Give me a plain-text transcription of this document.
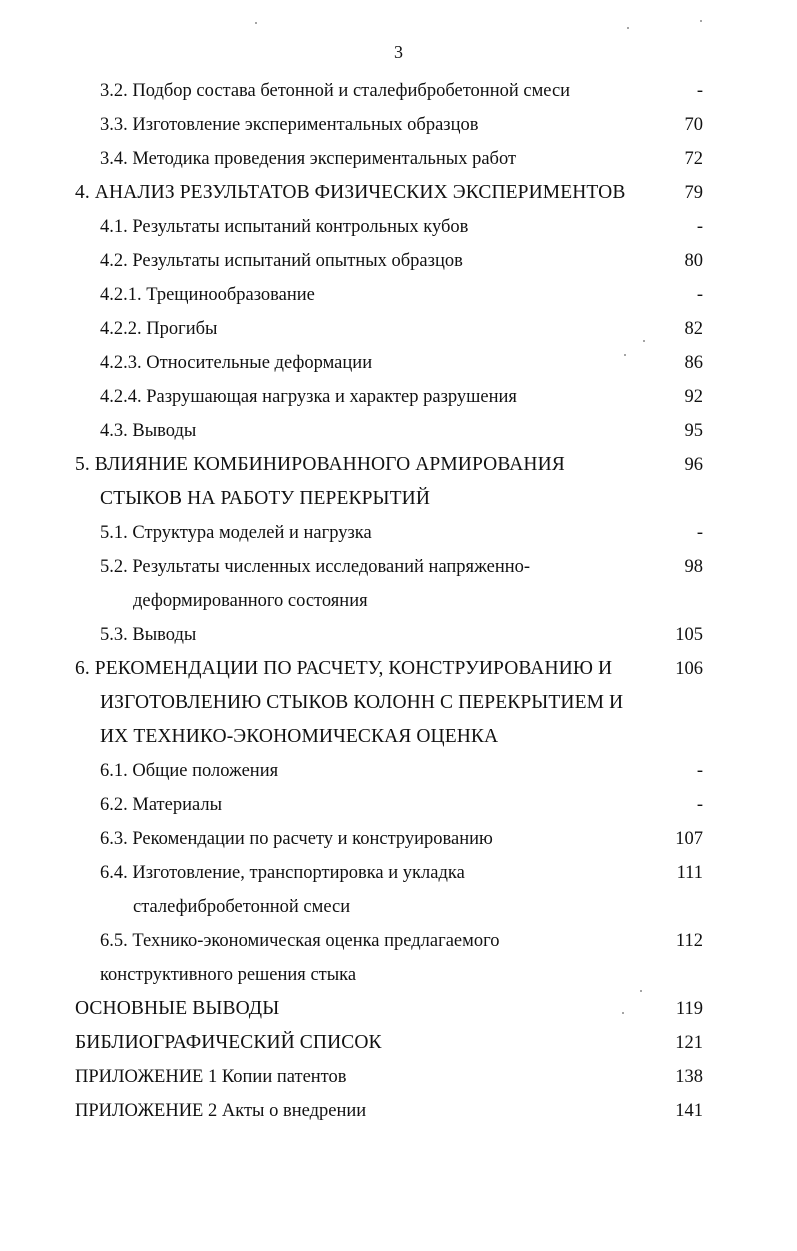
3
3.2. Подбор состава бетонной и сталефибробетонной смеси	-
3.3. Изготовление экспериментальных образцов	70
3.4. Методика проведения экспериментальных работ	72
4. АНАЛИЗ РЕЗУЛЬТАТОВ ФИЗИЧЕСКИХ ЭКСПЕРИМЕНТОВ	79
4.1. Результаты испытаний контрольных кубов	-
4.2. Результаты испытаний опытных образцов	80
4.2.1. Трещинообразование	-
4.2.2. Прогибы	82
4.2.3. Относительные деформации	86
4.2.4. Разрушающая нагрузка и характер разрушения	92
4.3. Выводы	95
5. ВЛИЯНИЕ КОМБИНИРОВАННОГО АРМИРОВАНИЯ	96
СТЫКОВ НА РАБОТУ ПЕРЕКРЫТИЙ
5.1. Структура моделей и нагрузка	-
5.2. Результаты численных исследований напряженно-	98
деформированного состояния
5.3. Выводы	105
6. РЕКОМЕНДАЦИИ ПО РАСЧЕТУ, КОНСТРУИРОВАНИЮ И	106
ИЗГОТОВЛЕНИЮ СТЫКОВ КОЛОНН С ПЕРЕКРЫТИЕМ И
ИХ ТЕХНИКО-ЭКОНОМИЧЕСКАЯ ОЦЕНКА
6.1. Общие положения	-
6.2. Материалы	-
6.3. Рекомендации по расчету и конструированию	107
6.4. Изготовление, транспортировка и укладка	111
сталефибробетонной смеси
6.5. Технико-экономическая оценка предлагаемого	112
конструктивного решения стыка
ОСНОВНЫЕ ВЫВОДЫ	119
БИБЛИОГРАФИЧЕСКИЙ СПИСОК	121
ПРИЛОЖЕНИЕ 1 Копии патентов	138
ПРИЛОЖЕНИЕ 2 Акты о внедрении	141
